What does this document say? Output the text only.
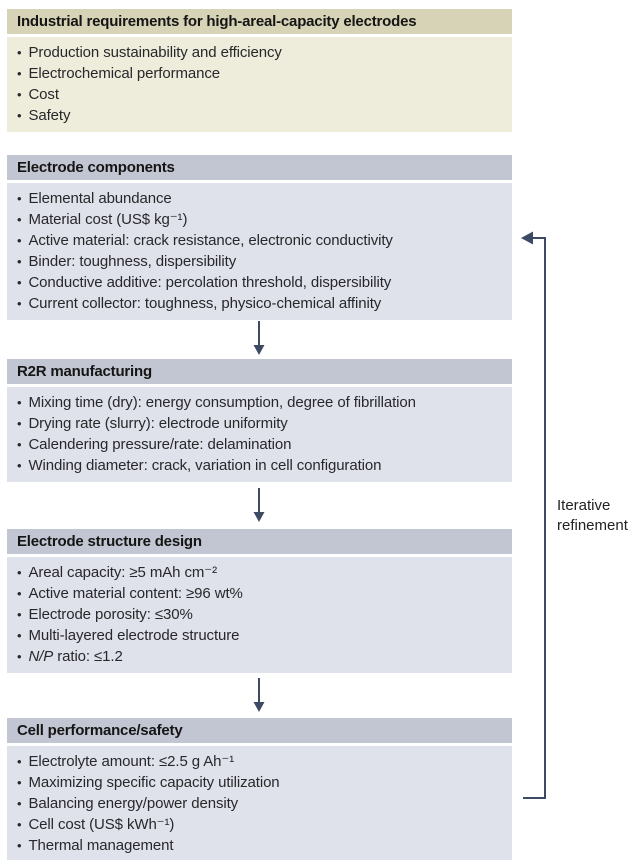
Industrial requirements for high-areal-capacity electrodes
• Production sustainability and efficiency
• Electrochemical performance
• Cost
• Safety
Electrode components
• Elemental abundance
• Material cost (US$ kg⁻¹)
• Active material: crack resistance, electronic conductivity
• Binder: toughness, dispersibility
• Conductive additive: percolation threshold, dispersibility
• Current collector: toughness, physico-chemical affinity
R2R manufacturing
• Mixing time (dry): energy consumption, degree of fibrillation
• Drying rate (slurry): electrode uniformity
• Calendering pressure/rate: delamination
• Winding diameter: crack, variation in cell configuration
Electrode structure design
• Areal capacity: ≥5 mAh cm⁻²
• Active material content: ≥96 wt%
• Electrode porosity: ≤30%
• Multi-layered electrode structure
• N/P ratio: ≤1.2
Cell performance/safety
• Electrolyte amount: ≤2.5 g Ah⁻¹
• Maximizing specific capacity utilization
• Balancing energy/power density
• Cell cost (US$ kWh⁻¹)
• Thermal management
Iterative refinement
